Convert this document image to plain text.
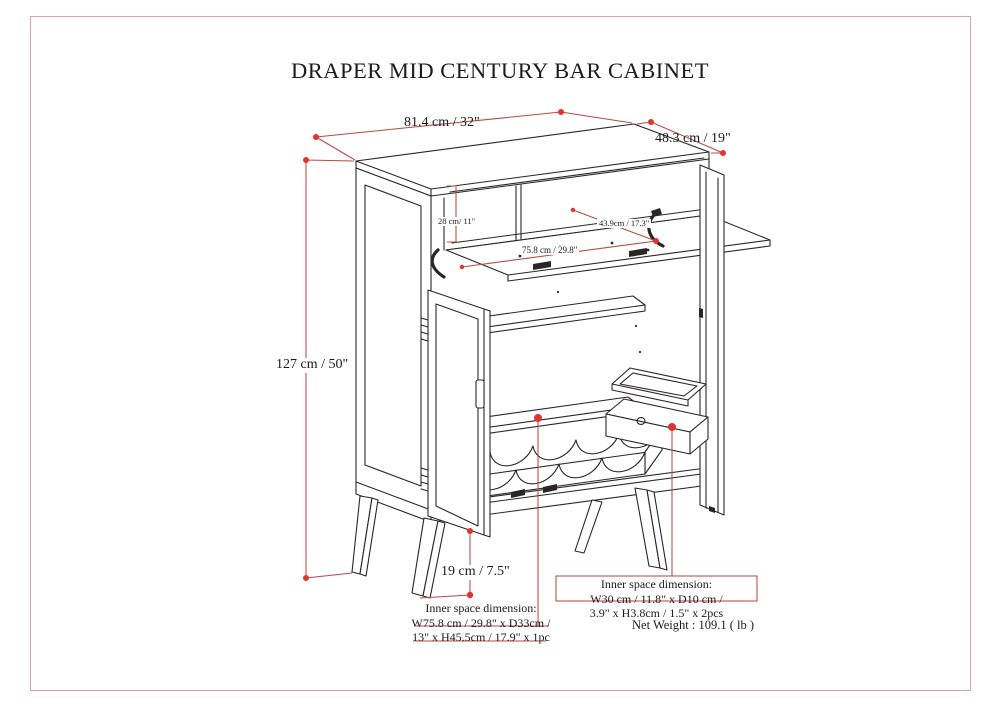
DRAPER MID CENTURY BAR CABINET
81.4 cm / 32"
48.3 cm / 19"
127 cm / 50"
28 cm/ 11"	43.9cm / 17.3"
75.8 cm / 29.8"
19 cm / 7.5"
Inner space dimension:
W75.8 cm / 29.8" x D33cm /
13" x H45.5cm / 17.9" x 1pc
Inner space dimension:
W30 cm / 11.8" x D10 cm /
3.9" x H3.8cm / 1.5" x 2pcs
Net Weight : 109.1 ( lb )
